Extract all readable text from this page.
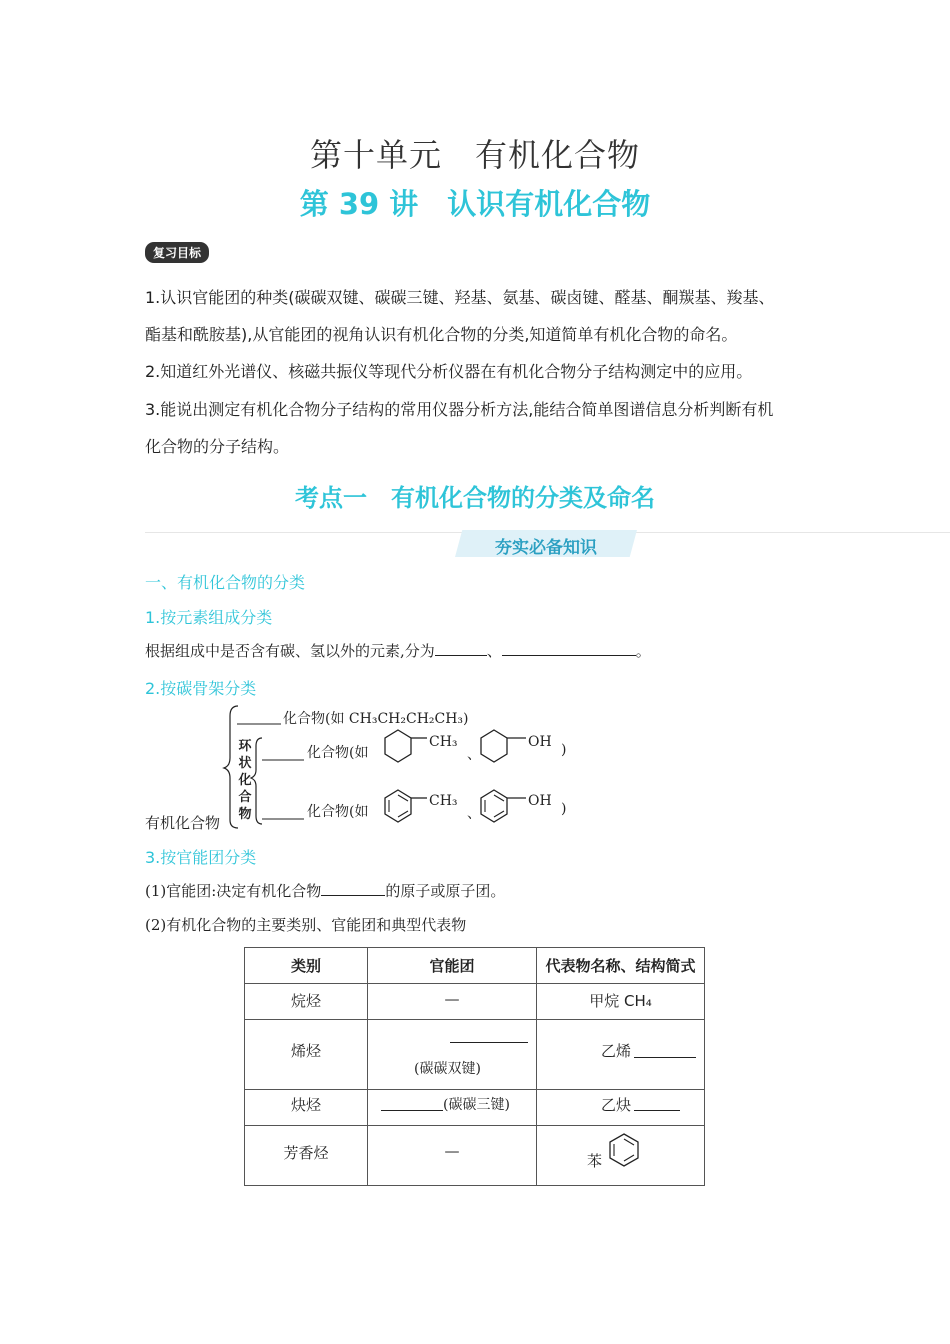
第十单元　有机化合物
第 39 讲　认识有机化合物
复习目标
1.认识官能团的种类(碳碳双键、碳碳三键、羟基、氨基、碳卤键、醛基、酮羰基、羧基、
酯基和酰胺基),从官能团的视角认识有机化合物的分类,知道简单有机化合物的命名。
2.知道红外光谱仪、核磁共振仪等现代分析仪器在有机化合物分子结构测定中的应用。
3.能说出测定有机化合物分子结构的常用仪器分析方法,能结合简单图谱信息分析判断有机
化合物的分子结构。
考点一　有机化合物的分类及命名
夯实必备知识
一、有机化合物的分类
1.按元素组成分类
根据组成中是否含有碳、氢以外的元素,分为	、	。
2.按碳骨架分类
有机化合物
化合物(如 CH₃CH₂CH₂CH₃)
环
状
化
合
物
化合物(如
化合物(如
CH₃
、
OH )
CH₃
、
OH )
3.按官能团分类
(1)官能团:决定有机化合物	的原子或原子团。
(2)有机化合物的主要类别、官能团和典型代表物
类别	官能团	代表物名称、结构简式
烷烃	—	甲烷 CH₄
烯烃	(碳碳双键)	乙烯

炔烃	(碳碳三键)	乙炔

芳香烃	—	苯
